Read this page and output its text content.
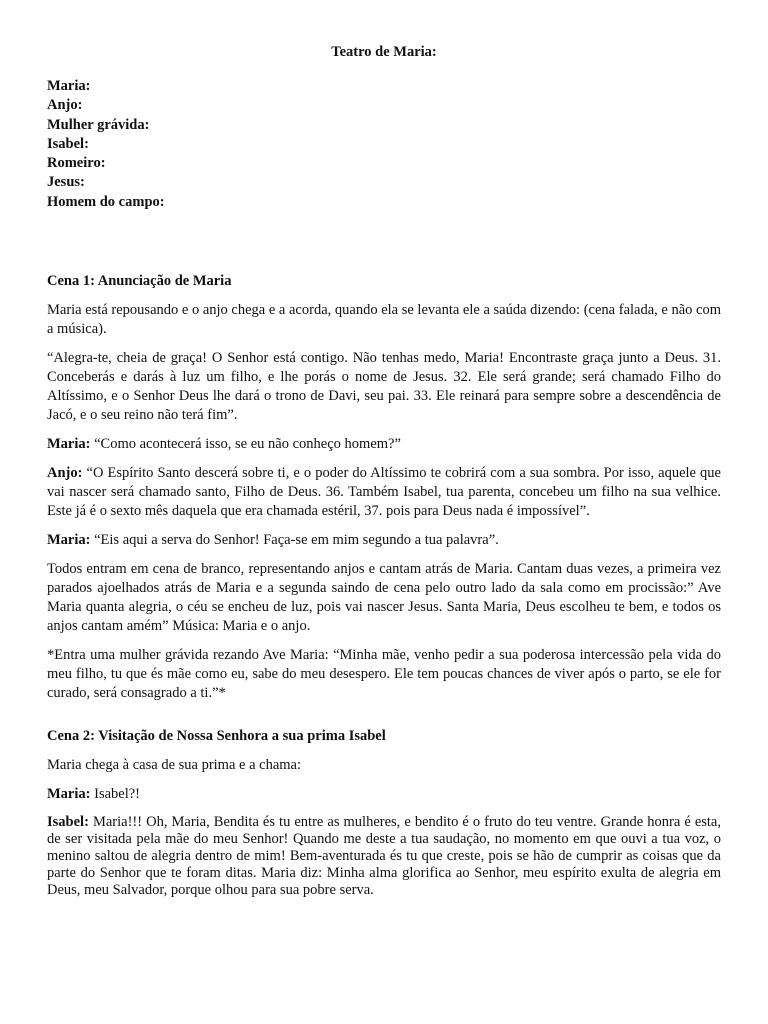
Teatro de Maria:
Maria:
Anjo:
Mulher grávida:
Isabel:
Romeiro:
Jesus:
Homem do campo:
Cena 1: Anunciação de Maria

Maria está repousando e o anjo chega e a acorda, quando ela se levanta ele a saúda dizendo: (cena falada, e não com a música).

“Alegra-te, cheia de graça! O Senhor está contigo. Não tenhas medo, Maria! Encontraste graça junto a Deus. 31. Conceberás e darás à luz um filho, e lhe porás o nome de Jesus. 32. Ele será grande; será chamado Filho do Altíssimo, e o Senhor Deus lhe dará o trono de Davi, seu pai. 33. Ele reinará para sempre sobre a descendência de Jacó, e o seu reino não terá fim”.

Maria: “Como acontecerá isso, se eu não conheço homem?”

Anjo: “O Espírito Santo descerá sobre ti, e o poder do Altíssimo te cobrirá com a sua sombra. Por isso, aquele que vai nascer será chamado santo, Filho de Deus. 36. Também Isabel, tua parenta, concebeu um filho na sua velhice. Este já é o sexto mês daquela que era chamada estéril, 37. pois para Deus nada é impossível”.

Maria: “Eis aqui a serva do Senhor! Faça-se em mim segundo a tua palavra”.

Todos entram em cena de branco, representando anjos e cantam atrás de Maria. Cantam duas vezes, a primeira vez parados ajoelhados atrás de Maria e a segunda saindo de cena pelo outro lado da sala como em procissão:” Ave Maria quanta alegria, o céu se encheu de luz, pois vai nascer Jesus. Santa Maria, Deus escolheu te bem, e todos os anjos cantam amém” Música: Maria e o anjo.

*Entra uma mulher grávida rezando Ave Maria: “Minha mãe, venho pedir a sua poderosa intercessão pela vida do meu filho, tu que és mãe como eu, sabe do meu desespero. Ele tem poucas chances de viver após o parto, se ele for curado, será consagrado a ti.”*

Cena 2: Visitação de Nossa Senhora a sua prima Isabel

Maria chega à casa de sua prima e a chama:

Maria: Isabel?!

Isabel: Maria!!! Oh, Maria, Bendita és tu entre as mulheres, e bendito é o fruto do teu ventre. Grande honra é esta, de ser visitada pela mãe do meu Senhor! Quando me deste a tua saudação, no momento em que ouvi a tua voz, o menino saltou de alegria dentro de mim! Bem-aventurada és tu que creste, pois se hão de cumprir as coisas que da parte do Senhor que te foram ditas. Maria diz: Minha alma glorifica ao Senhor, meu espírito exulta de alegria em Deus, meu Salvador, porque olhou para sua pobre serva.
